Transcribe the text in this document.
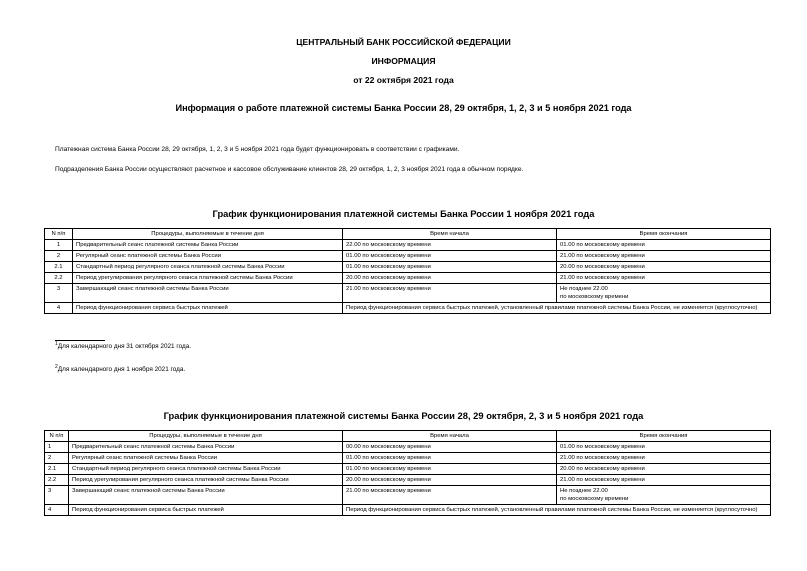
ЦЕНТРАЛЬНЫЙ БАНК РОССИЙСКОЙ ФЕДЕРАЦИИ
ИНФОРМАЦИЯ
от 22 октября 2021 года
Информация о работе платежной системы Банка России 28, 29 октября, 1, 2, 3 и 5 ноября 2021 года
Платежная система Банка России 28, 29 октября, 1, 2, 3 и 5 ноября 2021 года будет функционировать в соответствии с графиками.
Подразделения Банка России осуществляют расчетное и кассовое обслуживание клиентов 28, 29 октября, 1, 2, 3 ноября 2021 года в обычном порядке.
График функционирования платежной системы Банка России 1 ноября 2021 года
N п/п	Процедуры, выполняемые в течение дня	Время начала	Время окончания
1	Предварительный сеанс платежной системы Банка России	22.00 по московскому времени	01.00 по московскому времени
2	Регулярный сеанс платежной системы Банка России	01.00 по московскому времени	21.00 по московскому времени
2.1	Стандартный период регулярного сеанса платежной системы Банка России	01.00 по московскому времени	20.00 по московскому времени
2.2	Период урегулирования регулярного сеанса платежной системы Банка России	20.00 по московскому времени	21.00 по московскому времени
3	Завершающий сеанс платежной системы Банка России	21.00 по московскому времени	Не позднее 22.00
по московскому времени
4	Период функционирования сервиса быстрых платежей	Период функционирования сервиса быстрых платежей, установленный правилами платежной системы Банка России, не изменяется (круглосуточно)	
$^1$Для календарного дня 31 октября 2021 года.
$^2$Для календарного дня 1 ноября 2021 года.
График функционирования платежной системы Банка России 28, 29 октября, 2, 3 и 5 ноября 2021 года
N п/п	Процедуры, выполняемые в течение дня	Время начала	Время окончания
1	Предварительный сеанс платежной системы Банка России	00.00 по московскому времени	01.00 по московскому времени
2	Регулярный сеанс платежной системы Банка России	01.00 по московскому времени	21.00 по московскому времени
2.1	Стандартный период регулярного сеанса платежной системы Банка России	01.00 по московскому времени	20.00 по московскому времени
2.2	Период урегулирования регулярного сеанса платежной системы Банка России	20.00 по московскому времени	21.00 по московскому времени
3	Завершающий сеанс платежной системы Банка России	21.00 по московскому времени	Не позднее 22.00
по московскому времени
4	Период функционирования сервиса быстрых платежей	Период функционирования сервиса быстрых платежей, установленный правилами платежной системы Банка России, не изменяется (круглосуточно)	
